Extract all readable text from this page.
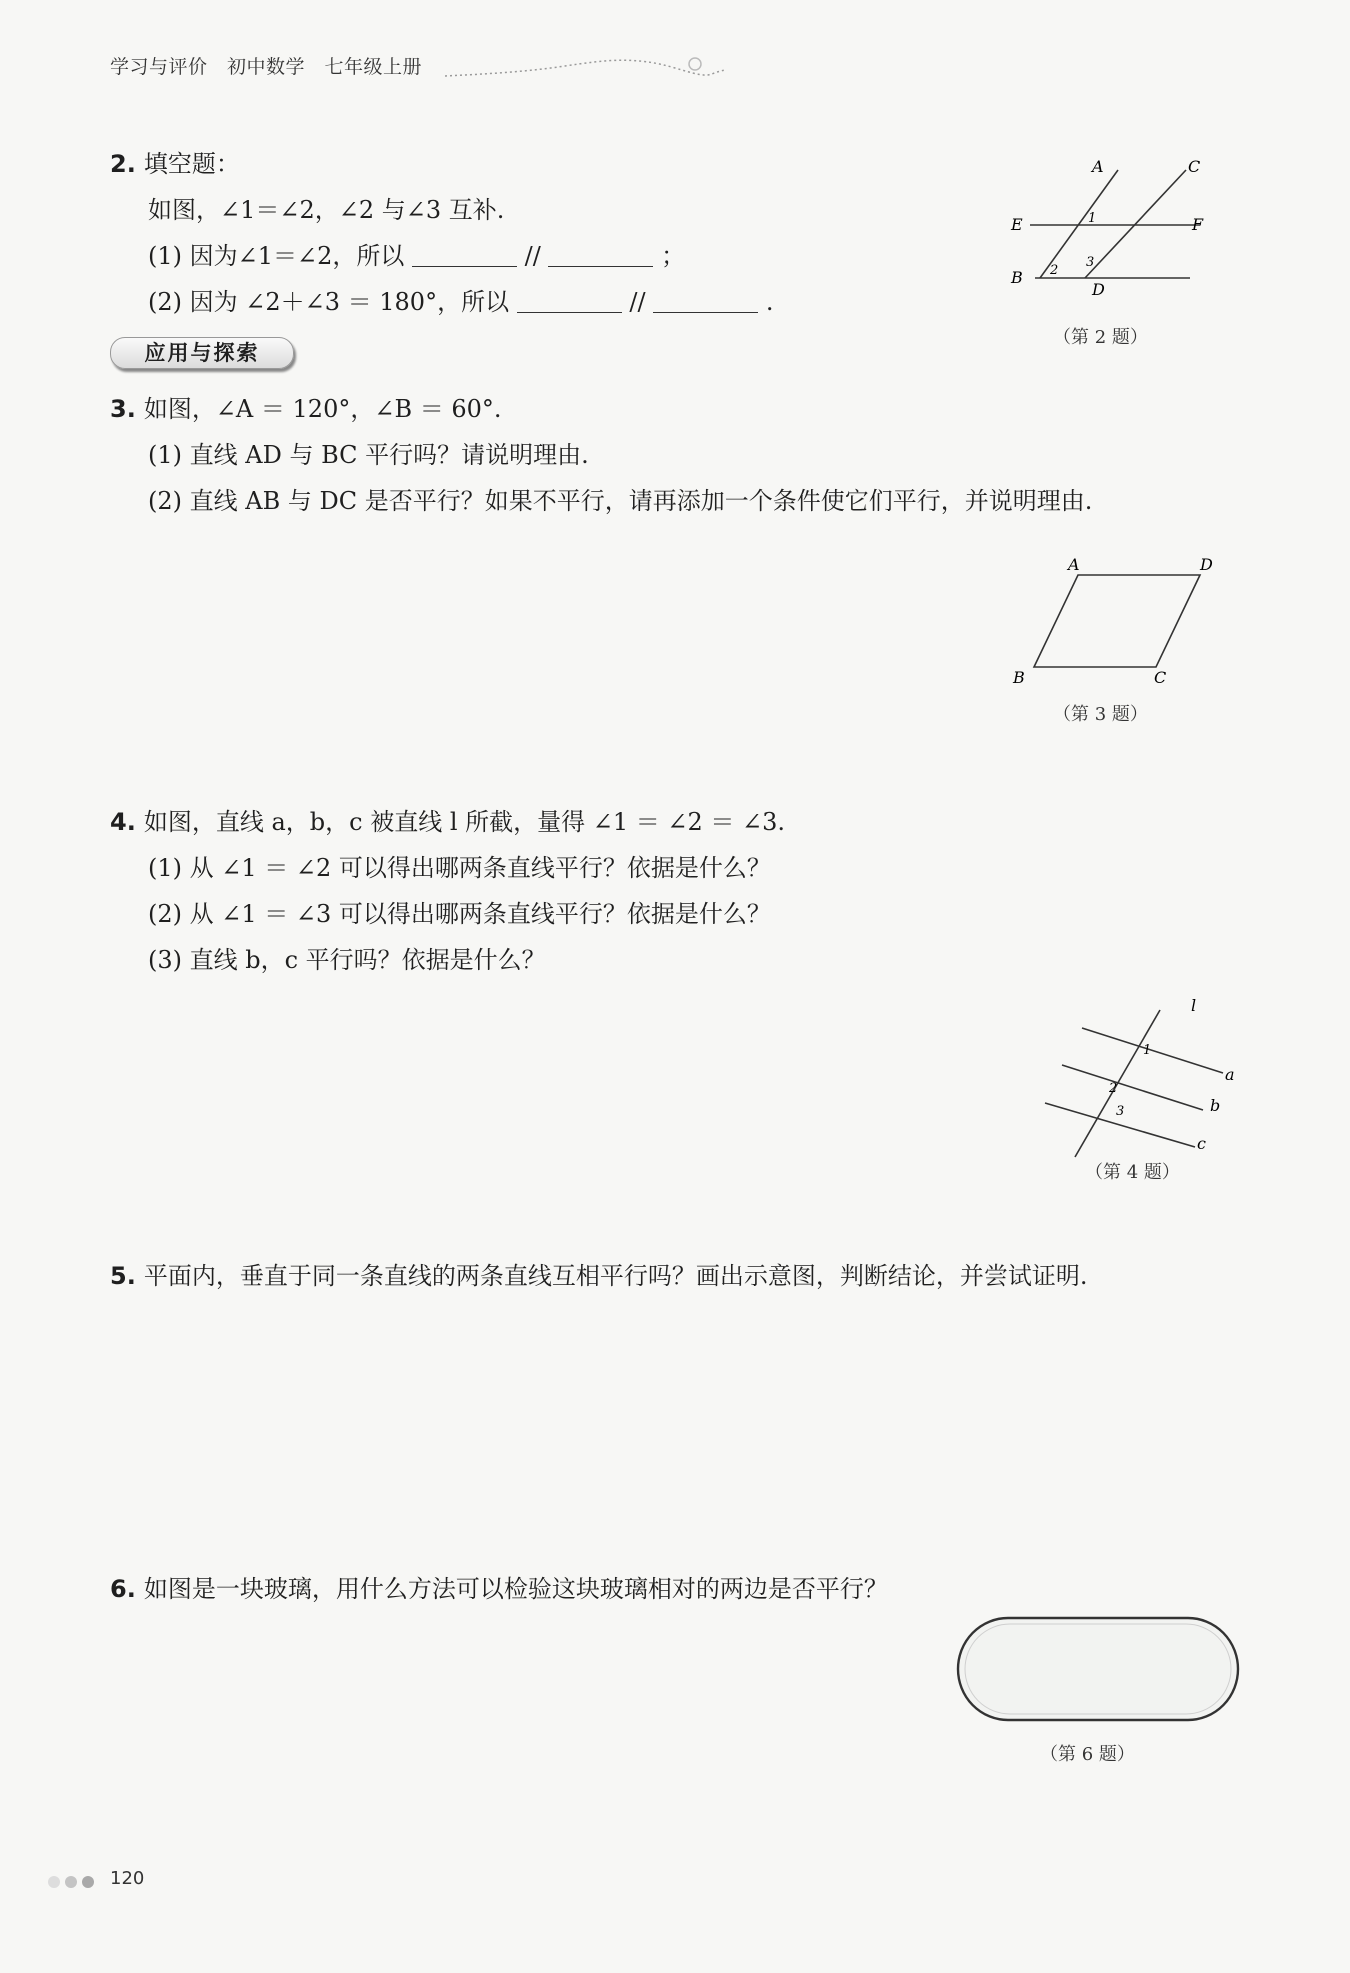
学习与评价　初中数学　七年级上册
2. 填空题：
如图，∠1＝∠2，∠2 与∠3 互补.
(1) 因为∠1＝∠2，所以	//	；
(2) 因为 ∠2＋∠3 ＝ 180°，所以	//	.
A	C
E	F
B
D
1
2
3
（第 2 题）
应用与探索
3. 如图，∠A ＝ 120°，∠B ＝ 60°.
(1) 直线 AD 与 BC 平行吗？请说明理由.
(2) 直线 AB 与 DC 是否平行？如果不平行，请再添加一个条件使它们平行，并说明理由.
A	D
B	C
（第 3 题）
4. 如图，直线 a，b，c 被直线 l 所截，量得 ∠1 ＝ ∠2 ＝ ∠3.
(1) 从 ∠1 ＝ ∠2 可以得出哪两条直线平行？依据是什么？
(2) 从 ∠1 ＝ ∠3 可以得出哪两条直线平行？依据是什么？
(3) 直线 b，c 平行吗？依据是什么？
l
a
b
c
1
2
3
（第 4 题）
5. 平面内，垂直于同一条直线的两条直线互相平行吗？画出示意图，判断结论，并尝试证明.
6. 如图是一块玻璃，用什么方法可以检验这块玻璃相对的两边是否平行？
（第 6 题）
120
